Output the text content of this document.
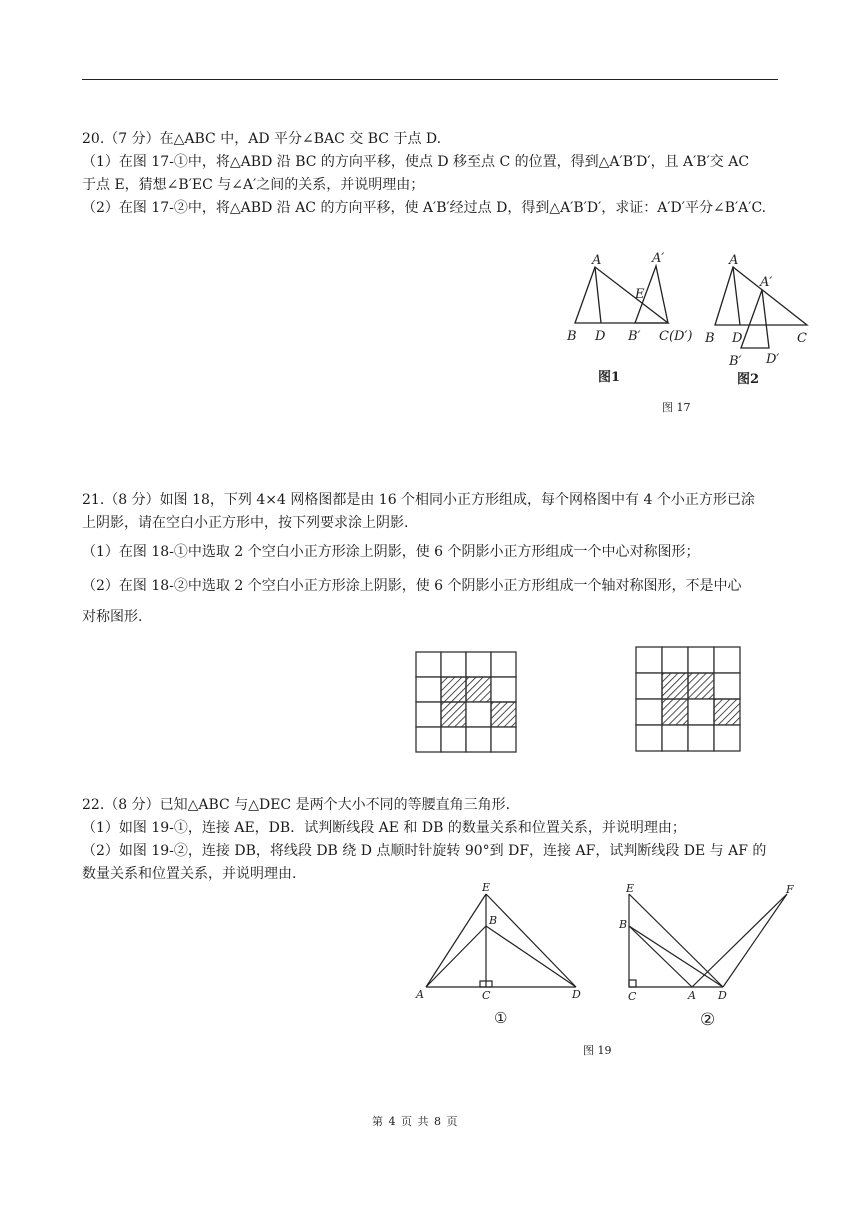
20.（7 分）在△ABC 中，AD 平分∠BAC 交 BC 于点 D.
（1）在图 17-①中，将△ABD 沿 BC 的方向平移，使点 D 移至点 C 的位置，得到△A′B′D′，且 A′B′交 AC
于点 E，猜想∠B′EC 与∠A′之间的关系，并说明理由；
（2）在图 17-②中，将△ABD 沿 AC 的方向平移，使 A′B′经过点 D，得到△A′B′D′，求证：A′D′平分∠B′A′C.
A	A′
E
B D B′ C(D′)
A
A′
B D	C
B′ D′
图1	图2
图 17
21.（8 分）如图 18，下列 4×4 网格图都是由 16 个相同小正方形组成，每个网格图中有 4 个小正方形已涂
上阴影，请在空白小正方形中，按下列要求涂上阴影.
（1）在图 18-①中选取 2 个空白小正方形涂上阴影，使 6 个阴影小正方形组成一个中心对称图形；
（2）在图 18-②中选取 2 个空白小正方形涂上阴影，使 6 个阴影小正方形组成一个轴对称图形，不是中心
对称图形.
22.（8 分）已知△ABC 与△DEC 是两个大小不同的等腰直角三角形.
（1）如图 19-①，连接 AE，DB．试判断线段 AE 和 DB 的数量关系和位置关系，并说明理由；
（2）如图 19-②，连接 DB，将线段 DB 绕 D 点顺时针旋转 90°到 DF，连接 AF，试判断线段 DE 与 AF 的
数量关系和位置关系，并说明理由.
E
B
A	C	D
E	F
B
C	A D
①	②
图 19
第 4 页 共 8 页
